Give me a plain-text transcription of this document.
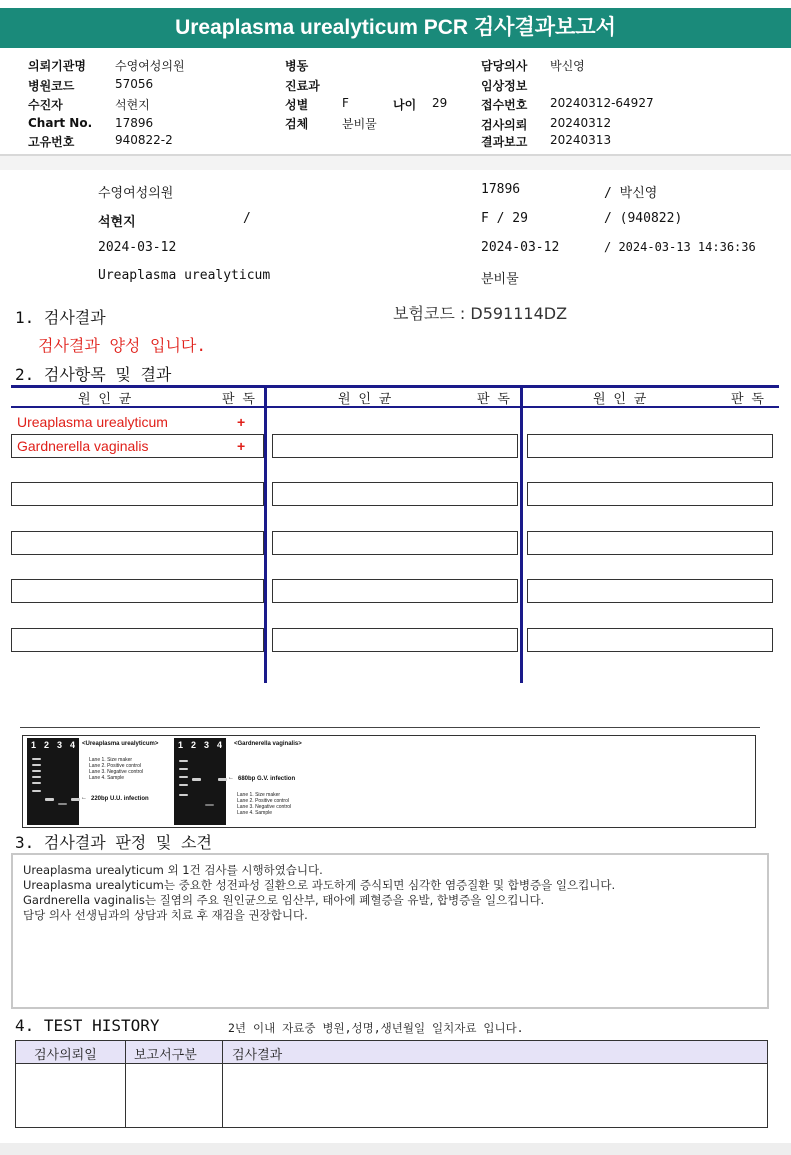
Ureaplasma urealyticum PCR 검사결과보고서
의뢰기관명 수영여성의원
병원코드	57056
수진자	석현지
Chart No. 17896
고유번호	940822-2
병동
진료과
성별	F	나이 29
검체	분비물
담당의사 박신영
임상정보
접수번호 20240312-64927
검사의뢰 20240312
결과보고 20240313
수영여성의원	17896	/ 박신영
석현지	/	F / 29	/ (940822)
2024-03-12	2024-03-12	/ 2024-03-13 14:36:36
Ureaplasma urealyticum	분비물
1. 검사결과	보험코드 : D591114DZ
검사결과 양성 입니다.
2. 검사항목 및 결과
원 인 균	판 독	원 인 균	판 독	원 인 균	판 독
Ureaplasma urealyticum	+
Gardnerella vaginalis	+
1 2 3 4 <Ureaplasma urealyticum>
Lane 1. Size maker
Lane 2. Positive control
Lane 3. Negative control
Lane 4. Sample
← 220bp U.U. infection
1 2 3 4 <Gardnerella vaginalis>
← 680bp G.V. infection
Lane 1. Size maker
Lane 2. Positive control
Lane 3. Negative control
Lane 4. Sample
3. 검사결과 판정 및 소견
Ureaplasma urealyticum 외 1건 검사를 시행하였습니다.
Ureaplasma urealyticum는 중요한 성전파성 질환으로 과도하게 증식되면 심각한 염증질환 및 합병증을 일으킵니다.
Gardnerella vaginalis는 질염의 주요 원인균으로 임산부, 태아에 폐혈증을 유발, 합병증을 일으킵니다.
담당 의사 선생님과의 상담과 치료 후 재검을 권장합니다.
4. TEST HISTORY	2년 이내 자료중 병원,성명,생년월일 일치자료 입니다.
검사의뢰일	보고서구분	검사결과
